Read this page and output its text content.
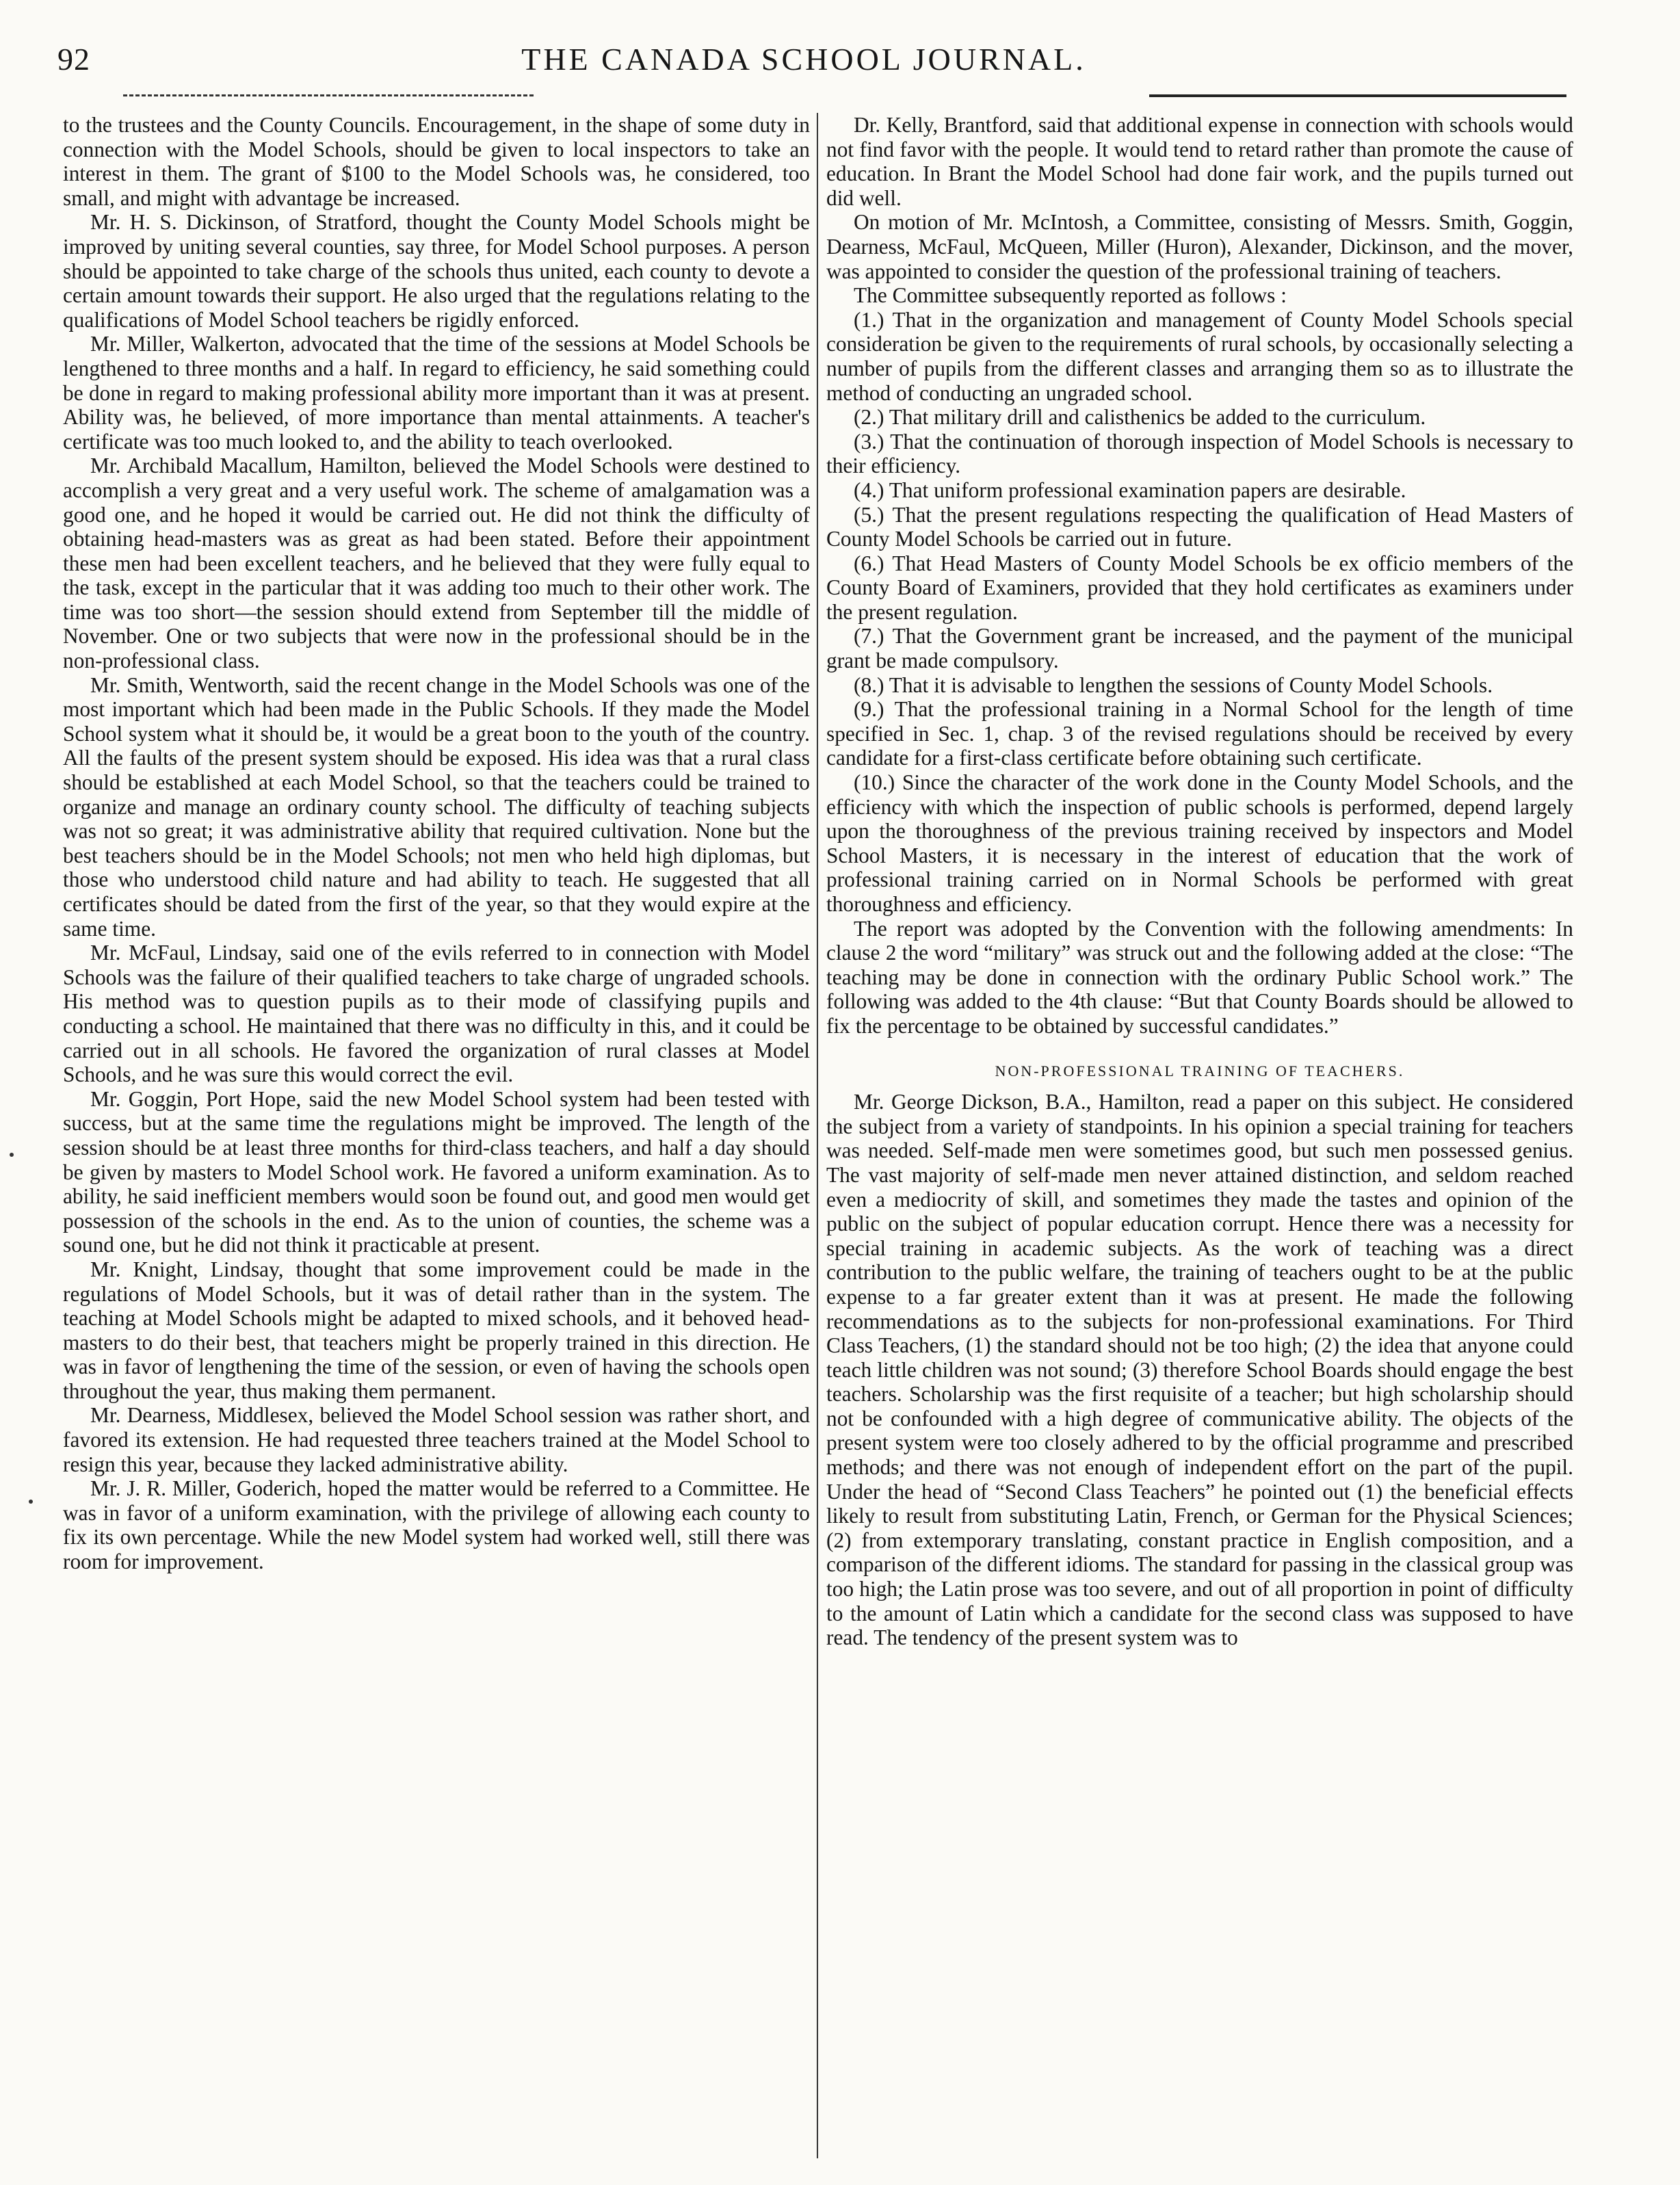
92	THE CANADA SCHOOL JOURNAL.

to the trustees and the County Councils. Encouragement, in the shape of some duty in connection with the Model Schools, should be given to local inspectors to take an interest in them. The grant of $100 to the Model Schools was, he considered, too small, and might with advantage be increased.

Mr. H. S. Dickinson, of Stratford, thought the County Model Schools might be improved by uniting several counties, say three, for Model School purposes. A person should be appointed to take charge of the schools thus united, each county to devote a certain amount towards their support. He also urged that the regulations relating to the qualifications of Model School teachers be rigidly enforced.

Mr. Miller, Walkerton, advocated that the time of the sessions at Model Schools be lengthened to three months and a half. In regard to efficiency, he said something could be done in regard to making professional ability more important than it was at present. Ability was, he believed, of more importance than mental attainments. A teacher's certificate was too much looked to, and the ability to teach overlooked.

Mr. Archibald Macallum, Hamilton, believed the Model Schools were destined to accomplish a very great and a very useful work. The scheme of amalgamation was a good one, and he hoped it would be carried out. He did not think the difficulty of obtaining head-masters was as great as had been stated. Before their appointment these men had been excellent teachers, and he believed that they were fully equal to the task, except in the particular that it was adding too much to their other work. The time was too short—the session should extend from September till the middle of November. One or two subjects that were now in the professional should be in the non-professional class.

Mr. Smith, Wentworth, said the recent change in the Model Schools was one of the most important which had been made in the Public Schools. If they made the Model School system what it should be, it would be a great boon to the youth of the country. All the faults of the present system should be exposed. His idea was that a rural class should be established at each Model School, so that the teachers could be trained to organize and manage an ordinary county school. The difficulty of teaching subjects was not so great; it was administrative ability that required cultivation. None but the best teachers should be in the Model Schools; not men who held high diplomas, but those who understood child nature and had ability to teach. He suggested that all certificates should be dated from the first of the year, so that they would expire at the same time.

Mr. McFaul, Lindsay, said one of the evils referred to in connection with Model Schools was the failure of their qualified teachers to take charge of ungraded schools. His method was to question pupils as to their mode of classifying pupils and conducting a school. He maintained that there was no difficulty in this, and it could be carried out in all schools. He favored the organization of rural classes at Model Schools, and he was sure this would correct the evil.

Mr. Goggin, Port Hope, said the new Model School system had been tested with success, but at the same time the regulations might be improved. The length of the session should be at least three months for third-class teachers, and half a day should be given by masters to Model School work. He favored a uniform examination. As to ability, he said inefficient members would soon be found out, and good men would get possession of the schools in the end. As to the union of counties, the scheme was a sound one, but he did not think it practicable at present.

Mr. Knight, Lindsay, thought that some improvement could be made in the regulations of Model Schools, but it was of detail rather than in the system. The teaching at Model Schools might be adapted to mixed schools, and it behoved head-masters to do their best, that teachers might be properly trained in this direction. He was in favor of lengthening the time of the session, or even of having the schools open throughout the year, thus making them permanent.

Mr. Dearness, Middlesex, believed the Model School session was rather short, and favored its extension. He had requested three teachers trained at the Model School to resign this year, because they lacked administrative ability.

Mr. J. R. Miller, Goderich, hoped the matter would be referred to a Committee. He was in favor of a uniform examination, with the privilege of allowing each county to fix its own percentage. While the new Model system had worked well, still there was room for improvement.

Dr. Kelly, Brantford, said that additional expense in connection with schools would not find favor with the people. It would tend to retard rather than promote the cause of education. In Brant the Model School had done fair work, and the pupils turned out did well.

On motion of Mr. McIntosh, a Committee, consisting of Messrs. Smith, Goggin, Dearness, McFaul, McQueen, Miller (Huron), Alexander, Dickinson, and the mover, was appointed to consider the question of the professional training of teachers.

The Committee subsequently reported as follows :

(1.) That in the organization and management of County Model Schools special consideration be given to the requirements of rural schools, by occasionally selecting a number of pupils from the different classes and arranging them so as to illustrate the method of conducting an ungraded school.

(2.) That military drill and calisthenics be added to the curriculum.

(3.) That the continuation of thorough inspection of Model Schools is necessary to their efficiency.

(4.) That uniform professional examination papers are desirable.

(5.) That the present regulations respecting the qualification of Head Masters of County Model Schools be carried out in future.

(6.) That Head Masters of County Model Schools be ex officio members of the County Board of Examiners, provided that they hold certificates as examiners under the present regulation.

(7.) That the Government grant be increased, and the payment of the municipal grant be made compulsory.

(8.) That it is advisable to lengthen the sessions of County Model Schools.

(9.) That the professional training in a Normal School for the length of time specified in Sec. 1, chap. 3 of the revised regulations should be received by every candidate for a first-class certificate before obtaining such certificate.

(10.) Since the character of the work done in the County Model Schools, and the efficiency with which the inspection of public schools is performed, depend largely upon the thoroughness of the previous training received by inspectors and Model School Masters, it is necessary in the interest of education that the work of professional training carried on in Normal Schools be performed with great thoroughness and efficiency.

The report was adopted by the Convention with the following amendments: In clause 2 the word “military” was struck out and the following added at the close: “The teaching may be done in connection with the ordinary Public School work.” The following was added to the 4th clause: “But that County Boards should be allowed to fix the percentage to be obtained by successful candidates.”

NON-PROFESSIONAL TRAINING OF TEACHERS.

Mr. George Dickson, B.A., Hamilton, read a paper on this subject. He considered the subject from a variety of standpoints. In his opinion a special training for teachers was needed. Self-made men were sometimes good, but such men possessed genius. The vast majority of self-made men never attained distinction, and seldom reached even a mediocrity of skill, and sometimes they made the tastes and opinion of the public on the subject of popular education corrupt. Hence there was a necessity for special training in academic subjects. As the work of teaching was a direct contribution to the public welfare, the training of teachers ought to be at the public expense to a far greater extent than it was at present. He made the following recommendations as to the subjects for non-professional examinations. For Third Class Teachers, (1) the standard should not be too high; (2) the idea that anyone could teach little children was not sound; (3) therefore School Boards should engage the best teachers. Scholarship was the first requisite of a teacher; but high scholarship should not be confounded with a high degree of communicative ability. The objects of the present system were too closely adhered to by the official programme and prescribed methods; and there was not enough of independent effort on the part of the pupil. Under the head of “Second Class Teachers” he pointed out (1) the beneficial effects likely to result from substituting Latin, French, or German for the Physical Sciences; (2) from extemporary translating, constant practice in English composition, and a comparison of the different idioms. The standard for passing in the classical group was too high; the Latin prose was too severe, and out of all proportion in point of difficulty to the amount of Latin which a candidate for the second class was supposed to have read. The tendency of the present system was to
